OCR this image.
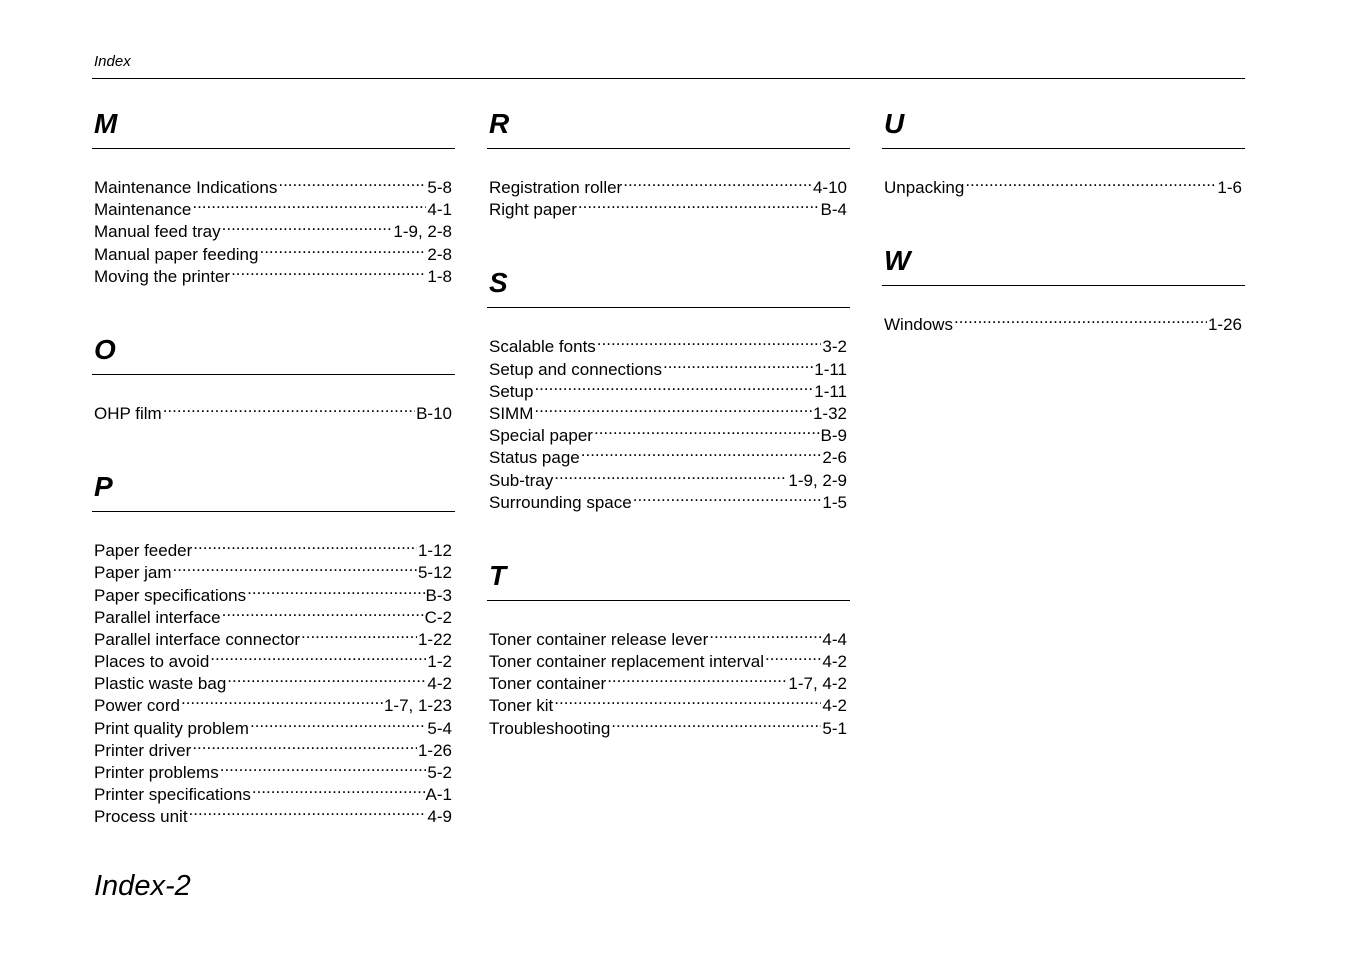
Index
M
Maintenance Indications .....	5-8
Maintenance .....	4-1
Manual feed tray .....	1-9, 2-8
Manual paper feeding .....	2-8
Moving the printer .....	1-8
O
OHP film .....	B-10
P
Paper feeder .....	1-12
Paper jam .....	5-12
Paper specifications .....	B-3
Parallel interface .....	C-2
Parallel interface connector .....	1-22
Places to avoid .....	1-2
Plastic waste bag .....	4-2
Power cord .....	1-7, 1-23
Print quality problem .....	5-4
Printer driver .....	1-26
Printer problems .....	5-2
Printer specifications .....	A-1
Process unit .....	4-9
R
Registration roller .....	4-10
Right paper .....	B-4
S
Scalable fonts .....	3-2
Setup and connections .....	1-11
Setup .....	1-11
SIMM .....	1-32
Special paper .....	B-9
Status page .....	2-6
Sub-tray .....	1-9, 2-9
Surrounding space .....	1-5
T
Toner container release lever .....	4-4
Toner container replacement interval .....	4-2
Toner container .....	1-7, 4-2
Toner kit .....	4-2
Troubleshooting .....	5-1
U
Unpacking .....	1-6
W
Windows .....	1-26
Index-2
